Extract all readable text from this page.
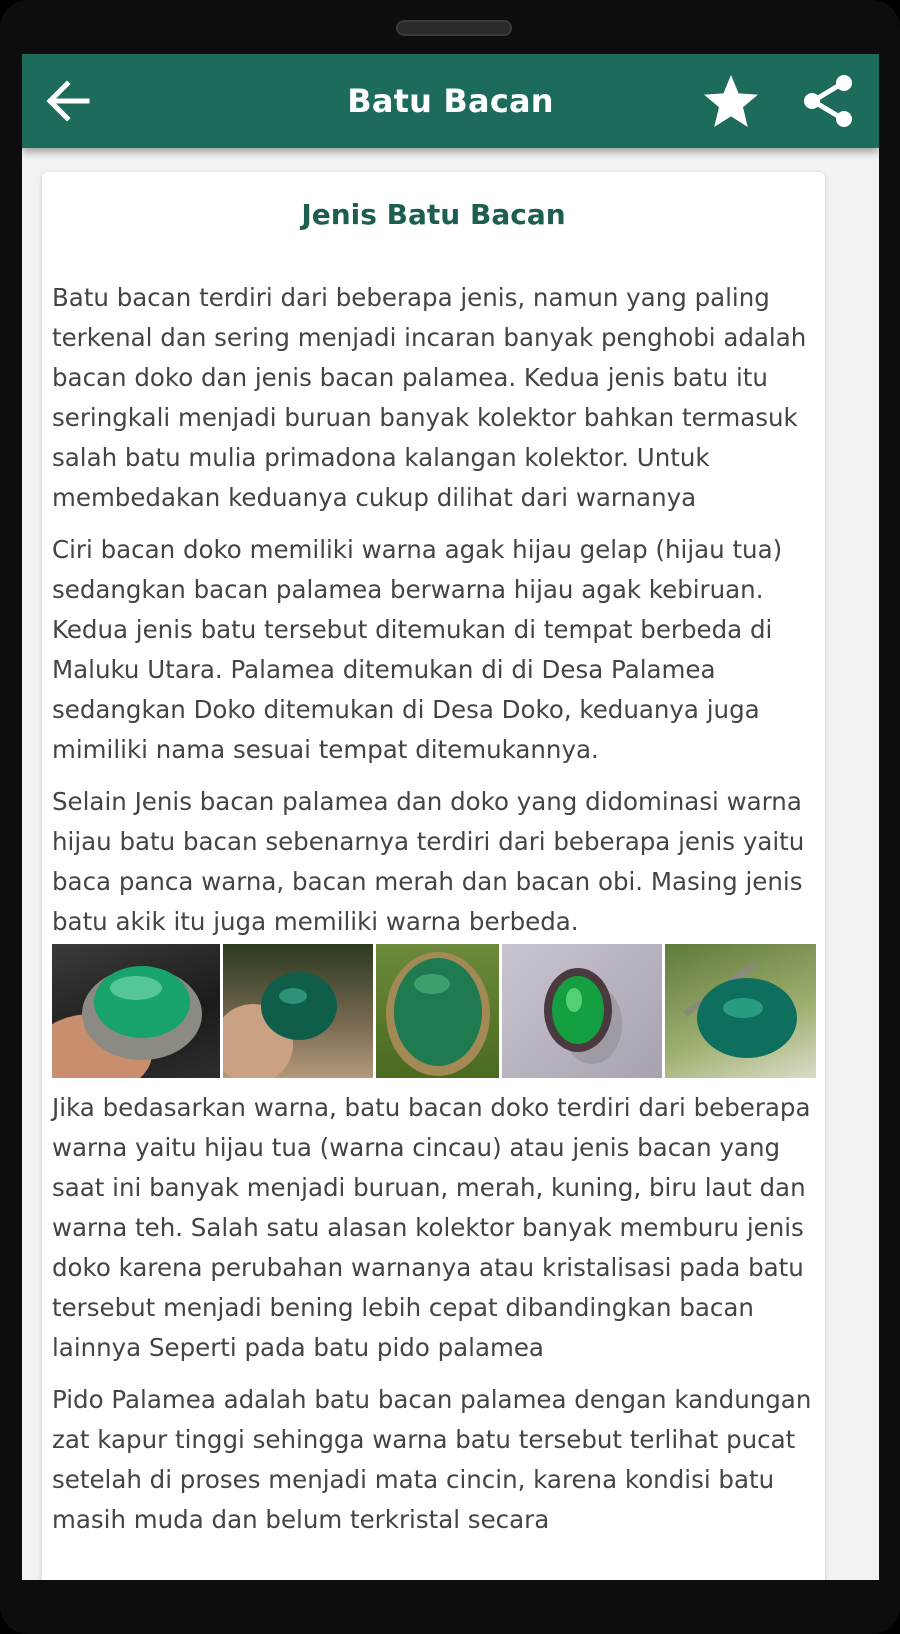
Batu Bacan
Jenis Batu Bacan

Batu bacan terdiri dari beberapa jenis, namun yang paling terkenal dan sering menjadi incaran banyak penghobi adalah bacan doko dan jenis bacan palamea. Kedua jenis batu itu seringkali menjadi buruan banyak kolektor bahkan termasuk salah batu mulia primadona kalangan kolektor. Untuk membedakan keduanya cukup dilihat dari warnanya

Ciri bacan doko memiliki warna agak hijau gelap (hijau tua) sedangkan bacan palamea berwarna hijau agak kebiruan. Kedua jenis batu tersebut ditemukan di tempat berbeda di Maluku Utara. Palamea ditemukan di di Desa Palamea sedangkan Doko ditemukan di Desa Doko, keduanya juga mimiliki nama sesuai tempat ditemukannya.

Selain Jenis bacan palamea dan doko yang didominasi warna hijau batu bacan sebenarnya terdiri dari beberapa jenis yaitu baca panca warna, bacan merah dan bacan obi. Masing jenis batu akik itu juga memiliki warna berbeda.

Jika bedasarkan warna, batu bacan doko terdiri dari beberapa warna yaitu hijau tua (warna cincau) atau jenis bacan yang saat ini banyak menjadi buruan, merah, kuning, biru laut dan warna teh. Salah satu alasan kolektor banyak memburu jenis doko karena perubahan warnanya atau kristalisasi pada batu tersebut menjadi bening lebih cepat dibandingkan bacan lainnya Seperti pada batu pido palamea

Pido Palamea adalah batu bacan palamea dengan kandungan zat kapur tinggi sehingga warna batu tersebut terlihat pucat setelah di proses menjadi mata cincin, karena kondisi batu masih muda dan belum terkristal secara
